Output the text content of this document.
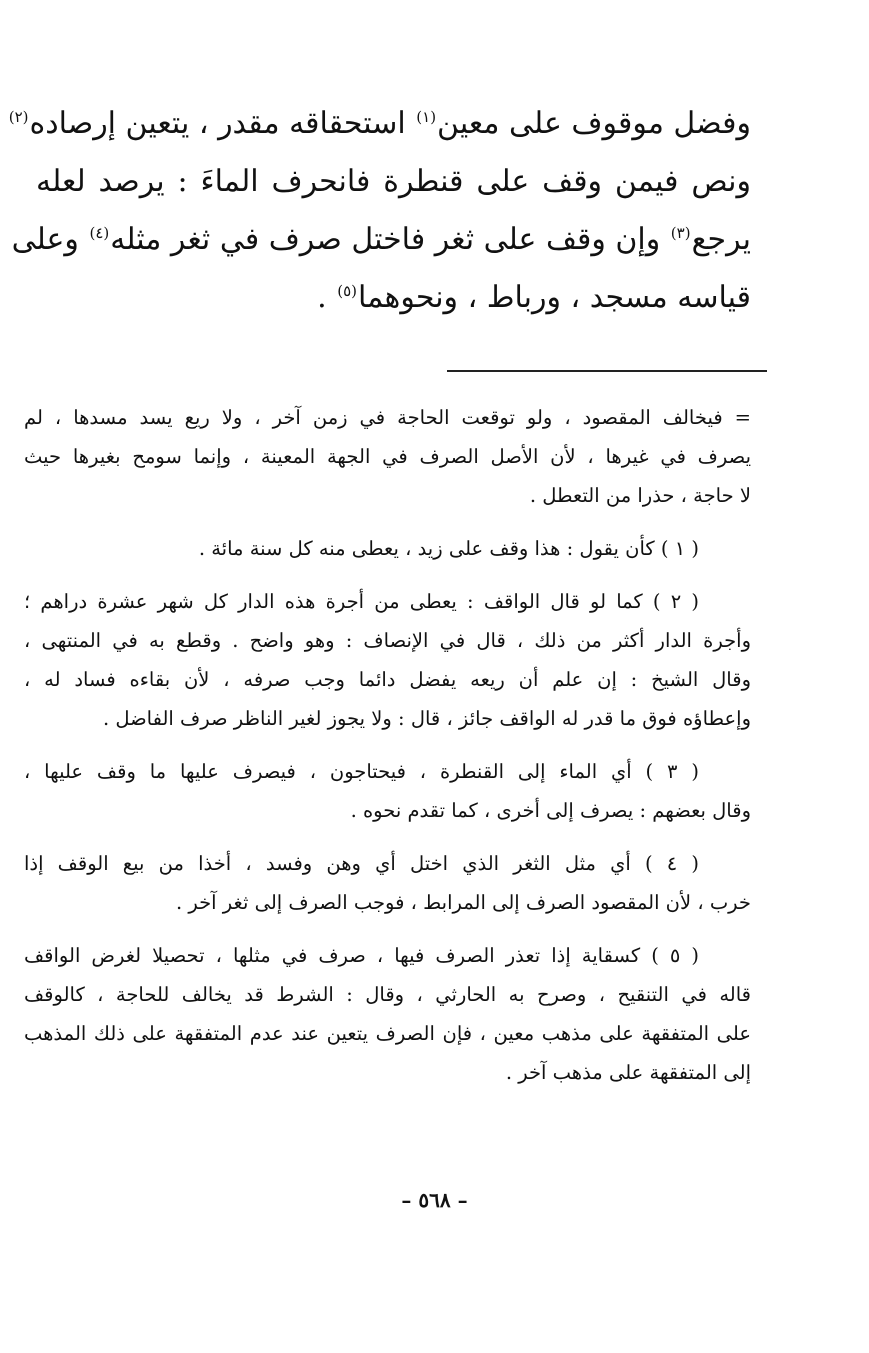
وفضل موقوف على معين$^{(١)}$ استحقاقه مقدر ، يتعين إرصاده$^{(٢)}$
ونص فيمن وقف على قنطرة فانحرف الماءَ : يرصد لعله
يرجع$^{(٣)}$ وإن وقف على ثغر فاختل صرف في ثغر مثله$^{(٤)}$ وعلى
قياسه مسجد ، ورباط ، ونحوهما$^{(٥)}$ .
= فيخالف المقصود ، ولو توقعت الحاجة في زمن آخر ، ولا ريع يسد مسدها ، لم
يصرف في غيرها ، لأن الأصل الصرف في الجهة المعينة ، وإنما سومح بغيرها حيث
لا حاجة ، حذرا من التعطل .
( ١ ) كأن يقول : هذا وقف على زيد ، يعطى منه كل سنة مائة .
( ٢ ) كما لو قال الواقف : يعطى من أجرة هذه الدار كل شهر عشرة دراهم ؛
وأجرة الدار أكثر من ذلك ، قال في الإنصاف : وهو واضح . وقطع به في المنتهى ،
وقال الشيخ : إن علم أن ريعه يفضل دائما وجب صرفه ، لأن بقاءه فساد له ،
وإعطاؤه فوق ما قدر له الواقف جائز ، قال : ولا يجوز لغير الناظر صرف الفاضل .
( ٣ ) أي الماء إلى القنطرة ، فيحتاجون ، فيصرف عليها ما وقف عليها ،
وقال بعضهم : يصرف إلى أخرى ، كما تقدم نحوه .
( ٤ ) أي مثل الثغر الذي اختل أي وهن وفسد ، أخذا من بيع الوقف إذا
خرب ، لأن المقصود الصرف إلى المرابط ، فوجب الصرف إلى ثغر آخر .
( ٥ ) كسقاية إذا تعذر الصرف فيها ، صرف في مثلها ، تحصيلا لغرض الواقف
قاله في التنقيح ، وصرح به الحارثي ، وقال : الشرط قد يخالف للحاجة ، كالوقف
على المتفقهة على مذهب معين ، فإن الصرف يتعين عند عدم المتفقهة على ذلك المذهب
إلى المتفقهة على مذهب آخر .
– ٥٦٨ –
